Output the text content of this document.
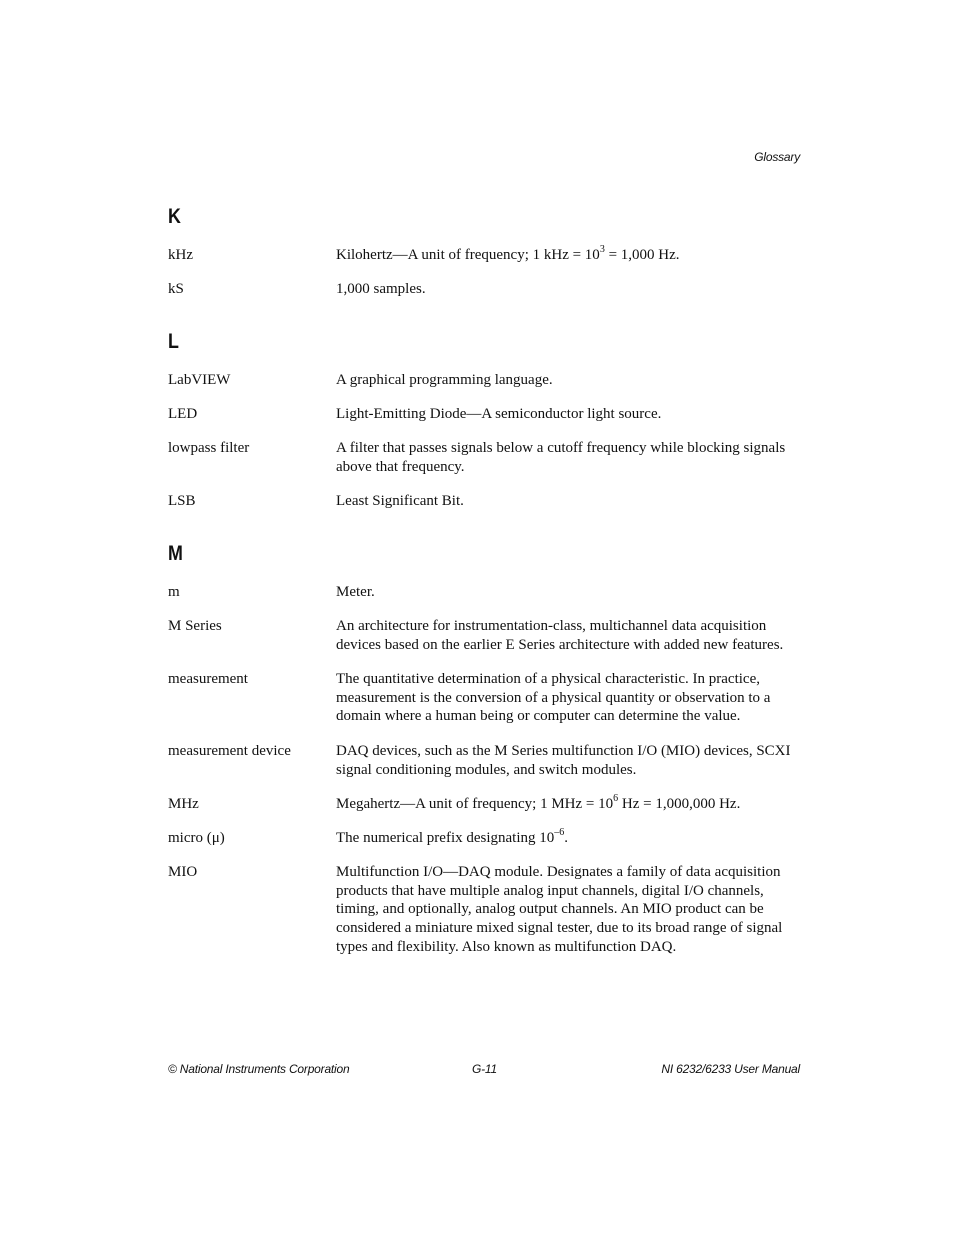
Glossary
K
kHz	Kilohertz—A unit of frequency; 1 kHz = $10^3 = 1,000$ Hz.
kS	1,000 samples.
L
LabVIEW	A graphical programming language.
LED	Light-Emitting Diode—A semiconductor light source.
lowpass filter	A filter that passes signals below a cutoff frequency while blocking signals above that frequency.
LSB	Least Significant Bit.
M
m	Meter.
M Series	An architecture for instrumentation-class, multichannel data acquisition devices based on the earlier E Series architecture with added new features.
measurement	The quantitative determination of a physical characteristic. In practice, measurement is the conversion of a physical quantity or observation to a domain where a human being or computer can determine the value.
measurement device	DAQ devices, such as the M Series multifunction I/O (MIO) devices, SCXI signal conditioning modules, and switch modules.
MHz	Megahertz—A unit of frequency; 1 MHz = $10^6$ Hz = 1,000,000 Hz.
micro (μ)	The numerical prefix designating $10^{-6}$.
MIO	Multifunction I/O—DAQ module. Designates a family of data acquisition products that have multiple analog input channels, digital I/O channels, timing, and optionally, analog output channels. An MIO product can be considered a miniature mixed signal tester, due to its broad range of signal types and flexibility. Also known as multifunction DAQ.
© National Instruments Corporation	G-11	NI 6232/6233 User Manual
